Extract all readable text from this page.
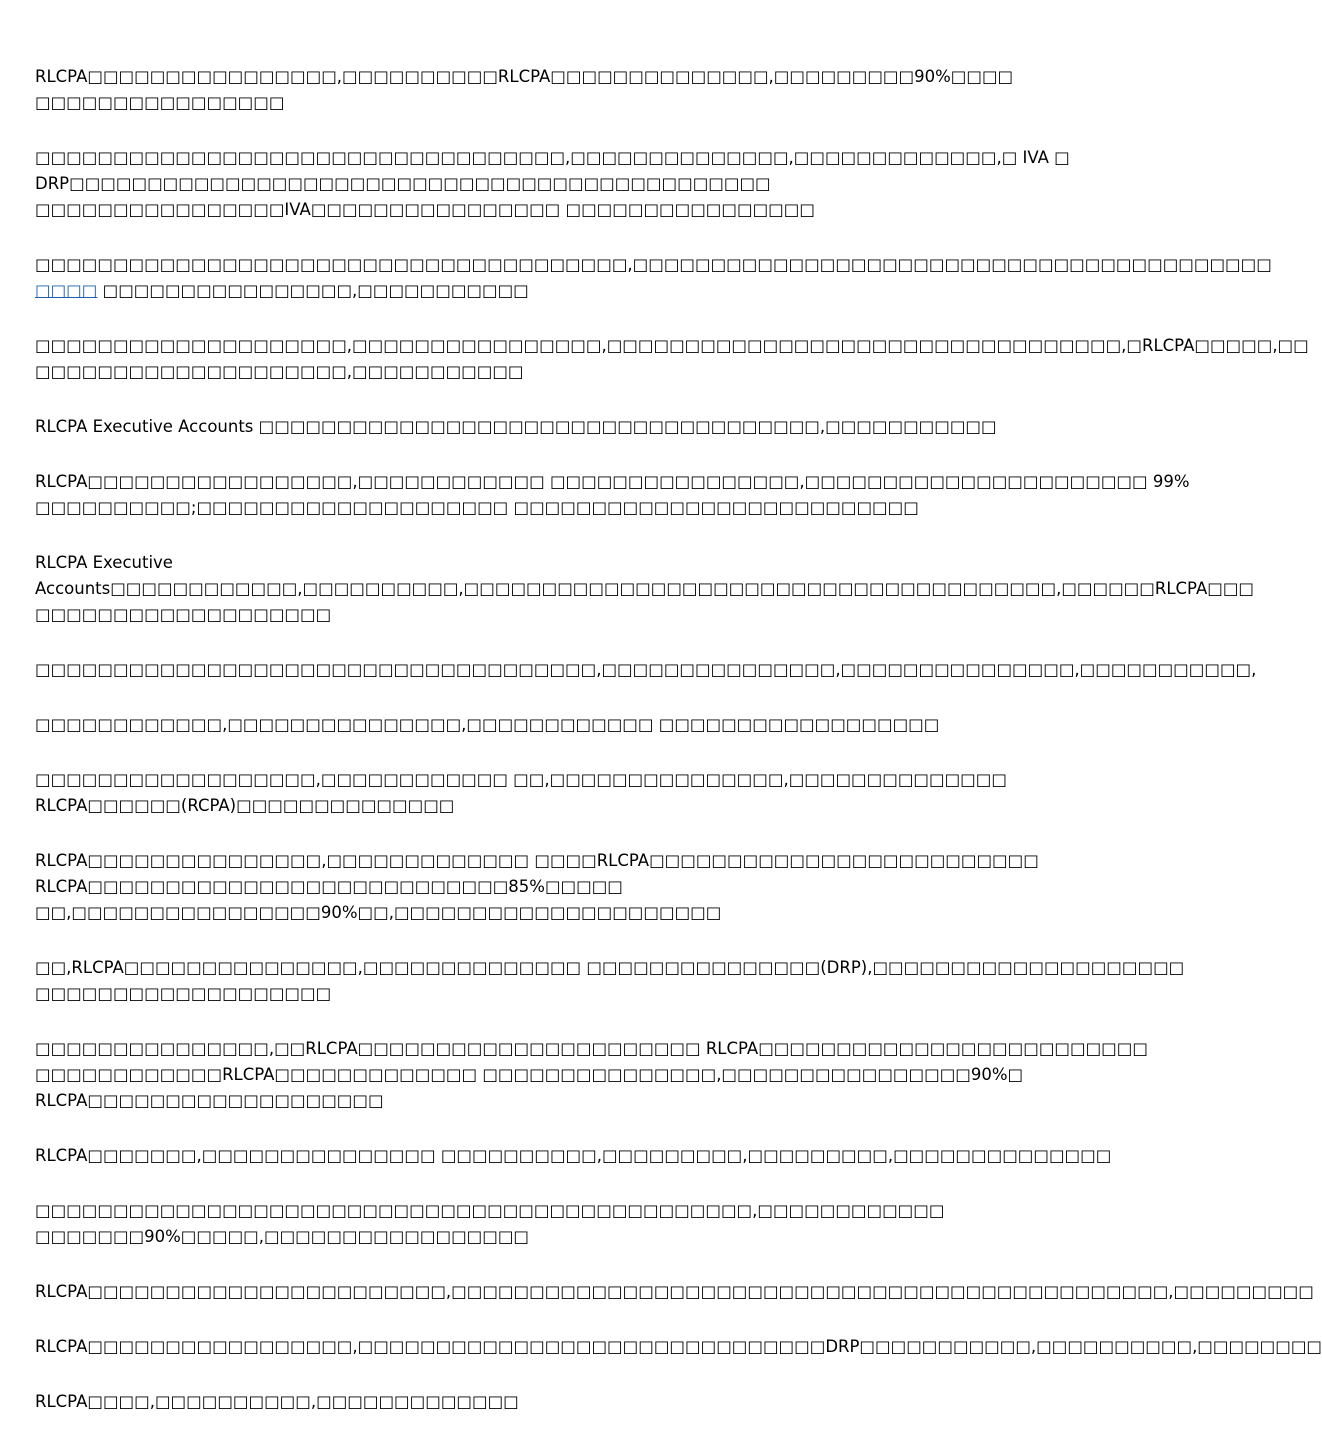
RLCPA□□□□□□□□□□□□□□□□,□□□□□□□□□□RLCPA□□□□□□□□□□□□□□,□□□□□□□□□90%□□□□
□□□□□□□□□□□□□□□□
□□□□□□□□□□□□□□□□□□□□□□□□□□□□□□□□□□,□□□□□□□□□□□□□□,□□□□□□□□□□□□□,□ IVA □
DRP□□□□□□□□□□□□□□□□□□□□□□□□□□□□□□□□□□□□□□□□□□□□□
□□□□□□□□□□□□□□□□IVA□□□□□□□□□□□□□□□□ □□□□□□□□□□□□□□□□
□□□□□□□□□□□□□□□□□□□□□□□□□□□□□□□□□□□□□□,□□□□□□□□□□□□□□□□□□□□□□□□□□□□□□□□□□□□□□□□□
□□□□ □□□□□□□□□□□□□□□□,□□□□□□□□□□□
□□□□□□□□□□□□□□□□□□□□,□□□□□□□□□□□□□□□□,□□□□□□□□□□□□□□□□□□□□□□□□□□□□□□□□□,□RLCPA□□□□□,□□
□□□□□□□□□□□□□□□□□□□□,□□□□□□□□□□□
RLCPA Executive Accounts □□□□□□□□□□□□□□□□□□□□□□□□□□□□□□□□□□□□,□□□□□□□□□□□
RLCPA□□□□□□□□□□□□□□□□□,□□□□□□□□□□□□ □□□□□□□□□□□□□□□□,□□□□□□□□□□□□□□□□□□□□□□ 99%
□□□□□□□□□□;□□□□□□□□□□□□□□□□□□□□ □□□□□□□□□□□□□□□□□□□□□□□□□□
RLCPA Executive
Accounts□□□□□□□□□□□□,□□□□□□□□□□,□□□□□□□□□□□□□□□□□□□□□□□□□□□□□□□□□□□□□□,□□□□□□RLCPA□□□
□□□□□□□□□□□□□□□□□□□
□□□□□□□□□□□□□□□□□□□□□□□□□□□□□□□□□□□□,□□□□□□□□□□□□□□□,□□□□□□□□□□□□□□□,□□□□□□□□□□□,
□□□□□□□□□□□□,□□□□□□□□□□□□□□□,□□□□□□□□□□□□ □□□□□□□□□□□□□□□□□□
□□□□□□□□□□□□□□□□□□,□□□□□□□□□□□□ □□,□□□□□□□□□□□□□□□,□□□□□□□□□□□□□□
RLCPA□□□□□□(RCPA)□□□□□□□□□□□□□□
RLCPA□□□□□□□□□□□□□□□,□□□□□□□□□□□□□ □□□□RLCPA□□□□□□□□□□□□□□□□□□□□□□□□□
RLCPA□□□□□□□□□□□□□□□□□□□□□□□□□□□85%□□□□□
□□,□□□□□□□□□□□□□□□□90%□□,□□□□□□□□□□□□□□□□□□□□□
□□,RLCPA□□□□□□□□□□□□□□□,□□□□□□□□□□□□□□ □□□□□□□□□□□□□□□(DRP),□□□□□□□□□□□□□□□□□□□□
□□□□□□□□□□□□□□□□□□□
□□□□□□□□□□□□□□□,□□RLCPA□□□□□□□□□□□□□□□□□□□□□□ RLCPA□□□□□□□□□□□□□□□□□□□□□□□□□
□□□□□□□□□□□□RLCPA□□□□□□□□□□□□□ □□□□□□□□□□□□□□□,□□□□□□□□□□□□□□□□90%□
RLCPA□□□□□□□□□□□□□□□□□□□
RLCPA□□□□□□□,□□□□□□□□□□□□□□□ □□□□□□□□□□,□□□□□□□□□,□□□□□□□□□,□□□□□□□□□□□□□□
□□□□□□□□□□□□□□□□□□□□□□□□□□□□□□□□□□□□□□□□□□□□□□,□□□□□□□□□□□□
□□□□□□□90%□□□□□,□□□□□□□□□□□□□□□□□
RLCPA□□□□□□□□□□□□□□□□□□□□□□□,□□□□□□□□□□□□□□□□□□□□□□□□□□□□□□□□□□□□□□□□□□□□□□,□□□□□□□□□
RLCPA□□□□□□□□□□□□□□□□□,□□□□□□□□□□□□□□□□□□□□□□□□□□□□□□DRP□□□□□□□□□□□,□□□□□□□□□□,□□□□□□□□
RLCPA□□□□,□□□□□□□□□□,□□□□□□□□□□□□□
